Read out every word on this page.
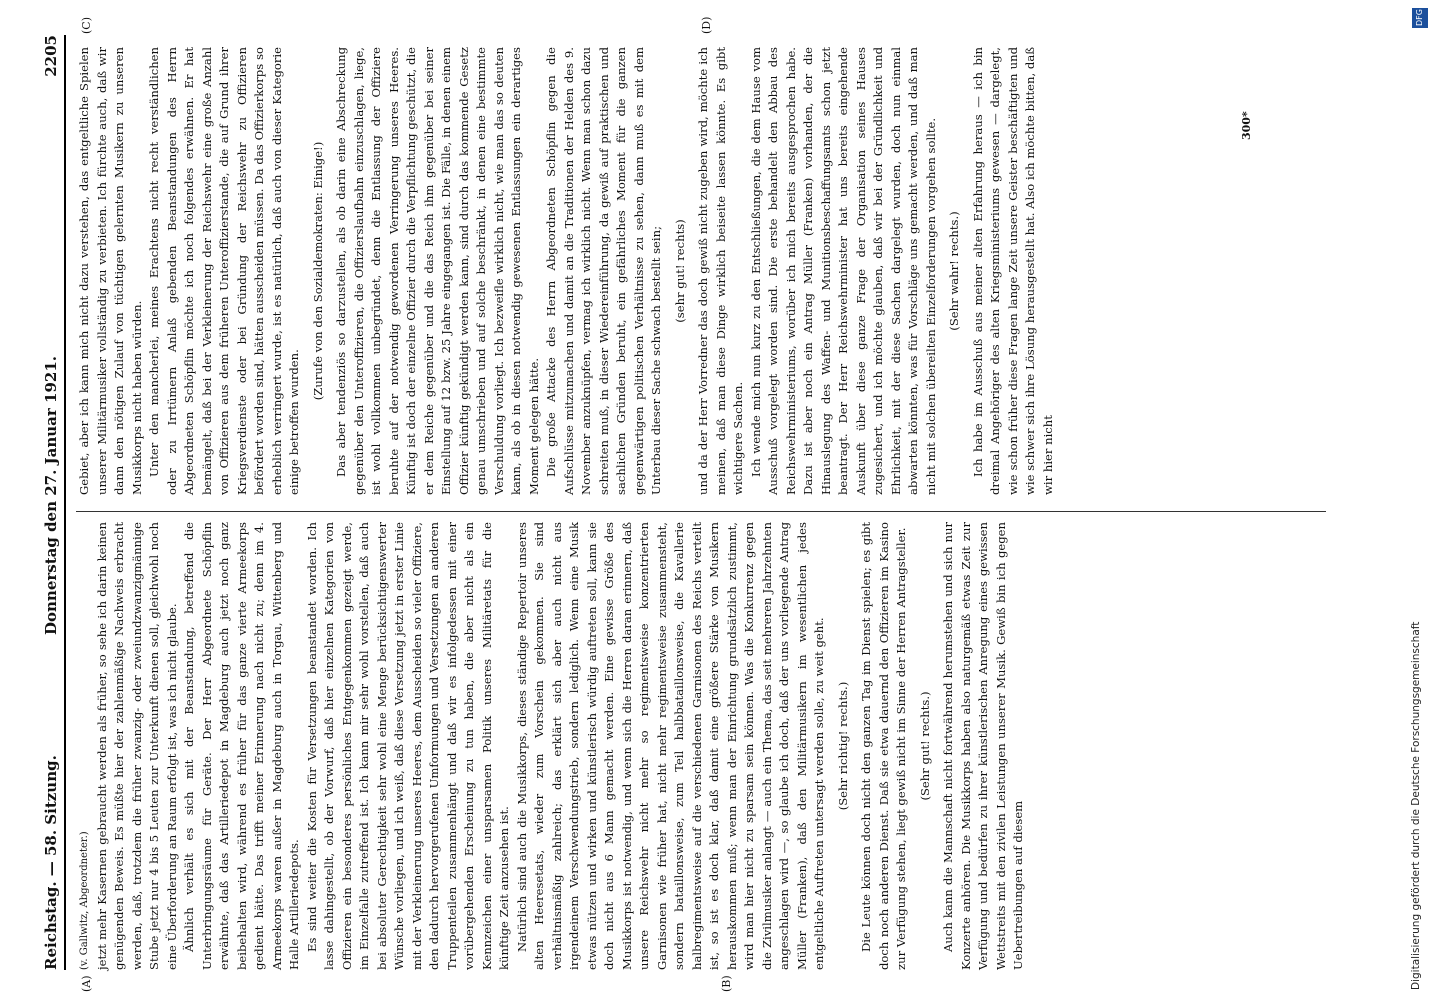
Reichstag. — 58. Sitzung.
Donnerstag den 27. Januar 1921.
2205

(v. Gallwitz, Abgeordneter.) jetzt mehr Kasernen gebraucht werden als früher, so sehe ich darin keinen genügenden Beweis. Es müßte hier der zahlenmäßige Nachweis erbracht werden, daß, trotzdem die früher zwanzig- oder zweiundzwanzigmännige Stube jetzt nur 4 bis 5 Leuten zur Unterkunft dienen soll, gleichwohl noch eine Überforderung an Raum erfolgt ist, was ich nicht glaube. Ähnlich verhält es sich mit der Beanstandung, betreffend die Unterbringungsräume für Geräte. Der Herr Abgeordnete Schöpflin erwähnte, daß das Artilleriedepot in Magdeburg auch jetzt noch ganz beibehalten wird, während es früher für das ganze vierte Armeekorps gedient hätte. Das trifft meiner Erinnerung nach nicht zu; denn im 4. Armeekorps waren außer in Magdeburg auch in Torgau, Wittenberg und Halle Artilleriedepots. Es sind weiter die Kosten für Versetzungen beanstandet worden. Ich lasse dahingestellt, ob der Vorwurf, daß hier einzelnen Kategorien von Offizieren ein besonderes persönliches Entgegenkommen gezeigt werde, im Einzelfalle zutreffend ist. Ich kann mir sehr wohl vorstellen, daß auch bei absoluter Gerechtigkeit sehr wohl eine Menge berücksichtigenswerter Wünsche vorliegen, und ich weiß, daß diese Versetzung jetzt in erster Linie mit der Verkleinerung unseres Heeres, dem Ausscheiden so vieler Offiziere, den dadurch hervorgerufenen Umformungen und Versetzungen an anderen Truppenteilen zusammenhängt und daß wir es infolgedessen mit einer vorübergehenden Erscheinung zu tun haben, die aber nicht als ein Kennzeichen einer unsparsamen Politik unseres Militäretats für die künftige Zeit anzusehen ist. Natürlich sind auch die Musikkorps, dieses ständige Repertoir unseres alten Heeresetats, wieder zum Vorschein gekommen. Sie sind verhältnismäßig zahlreich; das erklärt sich aber auch nicht aus irgendeinem Verschwendungstrieb, sondern lediglich. Wenn eine Musik etwas nützen und wirken und künstlerisch würdig auftreten soll, kann sie doch nicht aus 6 Mann gemacht werden. Eine gewisse Größe des Musikkorps ist notwendig, und wenn sich die Herren daran erinnern, daß unsere Reichswehr nicht mehr so regimentsweise konzentrierten Garnisonen wie früher hat, nicht mehr regimentsweise zusammensteht, sondern bataillonsweise, zum Teil halbbataillonsweise, die Kavallerie halbregimentsweise auf die verschiedenen Garnisonen des Reichs verteilt ist, so ist es doch klar, daß damit eine größere Stärke von Musikern herauskommen muß; wenn man der Einrichtung grundsätzlich zustimmt, wird man hier nicht zu sparsam sein können. Was die Konkurrenz gegen die Zivilmusiker anlangt — auch ein Thema, das seit mehreren Jahrzehnten angeschlagen wird —, so glaube ich doch, daß der uns vorliegende Antrag Müller (Franken), daß den Militärmusikern im wesentlichen jedes entgeltliche Auftreten untersagt werden solle, zu weit geht. (Sehr richtig! rechts.) Die Leute können doch nicht den ganzen Tag im Dienst spielen; es gibt doch noch anderen Dienst. Daß sie etwa dauernd den Offizieren im Kasino zur Verfügung stehen, liegt gewiß nicht im Sinne der Herren Antragsteller. (Sehr gut! rechts.) Auch kann die Mannschaft nicht fortwährend herumstehen und sich nur Konzerte anhören. Die Musikkorps haben also naturgemäß etwas Zeit zur Verfügung und bedürfen zu ihrer künstlerischen Anregung eines gewissen Wettstreits mit den zivilen Leistungen unserer Musik. Gewiß bin ich gegen Uebertreibungen auf diesem

Gebiet, aber ich kann mich nicht dazu verstehen, das entgeltliche Spielen unserer Militärmusiker vollständig zu verbieten. Ich fürchte auch, daß wir dann den nötigen Zulauf von tüchtigen gelernten Musikern zu unseren Musikkorps nicht haben würden. Unter den mancherlei, meines Erachtens nicht recht verständlichen oder zu Irrtümern Anlaß gebenden Beanstandungen des Herrn Abgeordneten Schöpflin möchte ich noch folgendes erwähnen. Er hat bemängelt, daß bei der Verkleinerung der Reichswehr eine große Anzahl von Offizieren aus dem früheren Unteroffizierstande, die auf Grund ihrer Kriegsverdienste oder bei Gründung der Reichswehr zu Offizieren befördert worden sind, hätten ausscheiden müssen. Da das Offizierkorps so erheblich verringert wurde, ist es natürlich, daß auch von dieser Kategorie einige betroffen wurden.

(Zurufe von den Sozialdemokraten: Einige!) Das aber tendenziös so darzustellen, als ob darin eine Abschreckung gegenüber den Unteroffizieren, die Offizierslaufbahn einzuschlagen, liege, ist wohl vollkommen unbegründet, denn die Entlassung der Offiziere beruhte auf der notwendig gewordenen Verringerung unseres Heeres. Künftig ist doch der einzelne Offizier durch die Verpflichtung geschützt, die er dem Reiche gegenüber und die das Reich ihm gegenüber bei seiner Einstellung auf 12 bzw. 25 Jahre eingegangen ist. Die Fälle, in denen einem Offizier künftig gekündigt werden kann, sind durch das kommende Gesetz genau umschrieben und auf solche beschränkt, in denen eine bestimmte Verschuldung vorliegt. Ich bezweifle wirklich nicht, wie man das so deuten kann, als ob in diesen notwendig gewesenen Entlassungen ein derartiges Moment gelegen hätte. Die große Attacke des Herrn Abgeordneten Schöpflin gegen die Aufschlüsse mitzumachen und damit an die Traditionen der Helden des 9. November anzuknüpfen, vermag ich wirklich nicht. Wenn man schon dazu schreiten muß, in dieser Wiedereinführung, da gewiß auf praktischen und sachlichen Gründen beruht, ein gefährliches Moment für die ganzen gegenwärtigen politischen Verhältnisse zu sehen, dann muß es mit dem Unterbau dieser Sache schwach bestellt sein; (sehr gut! rechts) und da der Herr Vorredner das doch gewiß nicht zugeben wird, möchte ich meinen, daß man diese Dinge wirklich beiseite lassen könnte. Es gibt wichtigere Sachen. Ich wende mich nun kurz zu den Entschließungen, die dem Hause vom Ausschuß vorgelegt worden sind. Die erste behandelt den Abbau des Reichswehrministeriums, worüber ich mich bereits ausgesprochen habe. Dazu ist aber noch ein Antrag Müller (Franken) vorhanden, der die Hinauslegung des Waffen- und Munitionsbeschaffungsamts schon jetzt beantragt. Der Herr Reichswehrminister hat uns bereits eingehende Auskunft über diese ganze Frage der Organisation seines Hauses zugesichert, und ich möchte glauben, daß wir bei der Gründlichkeit und Ehrlichkeit, mit der diese Sachen dargelegt wurden, doch nun einmal abwarten könnten, was für Vorschläge uns gemacht werden, und daß man nicht mit solchen übereilten Einzelforderungen vorgehen sollte. (Sehr wahr! rechts.) Ich habe im Ausschuß aus meiner alten Erfahrung heraus — ich bin dreimal Angehöriger des alten Kriegsministeriums gewesen — dargelegt, wie schon früher diese Fragen lange Zeit unsere Geister beschäftigten und wie schwer sich ihre Lösung herausgestellt hat. Also ich möchte bitten, daß wir hier nicht

(A)	(B)
(C)	(D)
300*
DFG
Digitalisierung gefördert durch die Deutsche Forschungsgemeinschaft
